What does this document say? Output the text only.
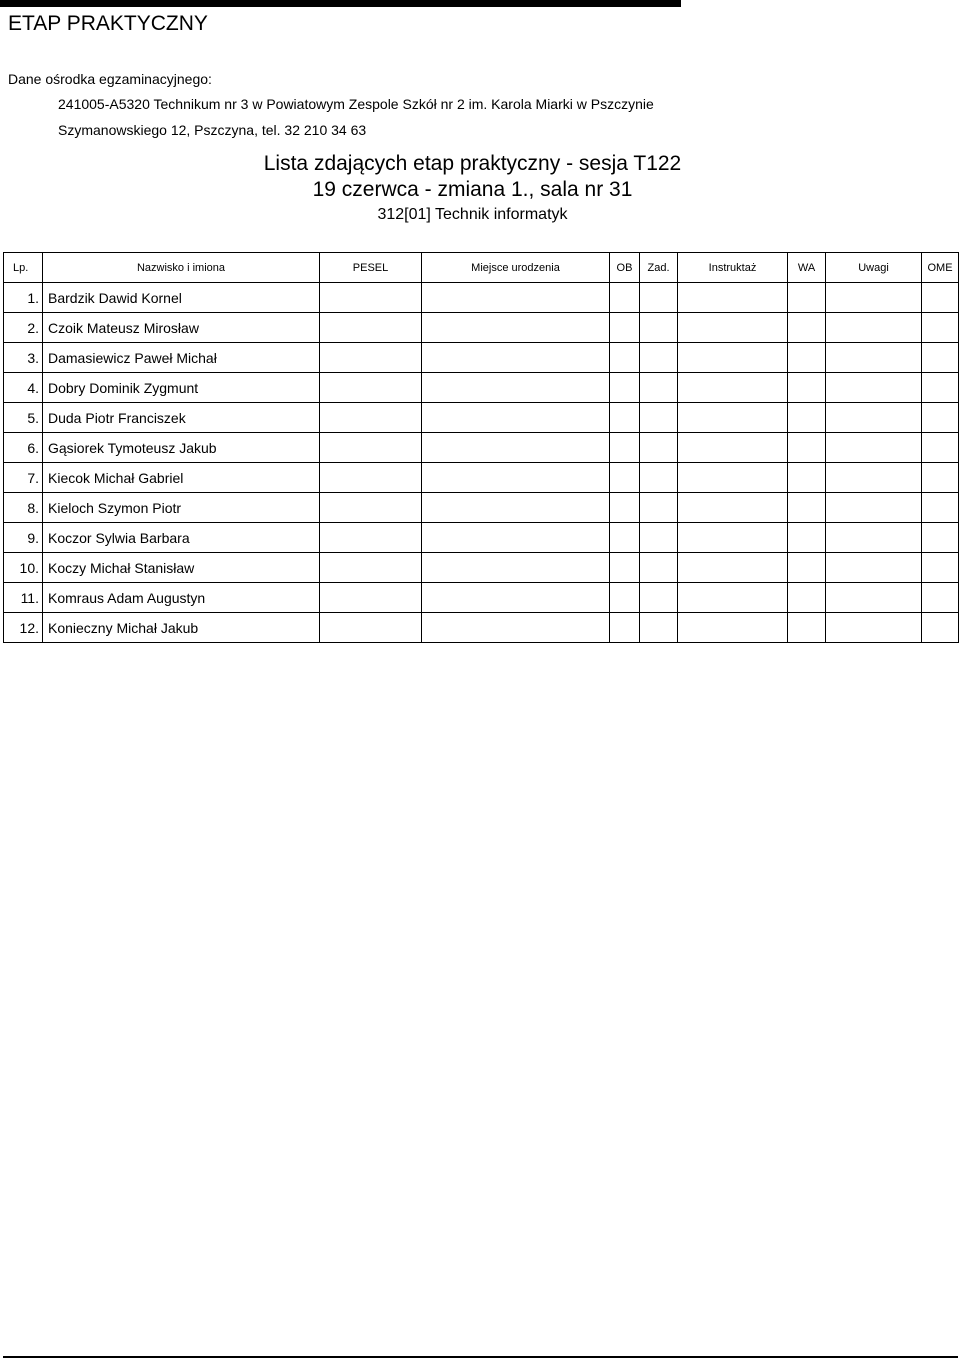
ETAP PRAKTYCZNY
Dane ośrodka egzaminacyjnego:
241005-A5320 Technikum nr 3 w Powiatowym Zespole Szkół nr 2 im. Karola Miarki w Pszczynie
Szymanowskiego 12, Pszczyna, tel. 32 210 34 63
Lista zdających etap praktyczny - sesja T122
19 czerwca - zmiana 1., sala nr 31
312[01] Technik informatyk
Lp.	Nazwisko i imiona	PESEL	Miejsce urodzenia	OB	Zad.	Instruktaż	WA	Uwagi	OME
1.	Bardzik Dawid Kornel								
2.	Czoik Mateusz Mirosław								
3.	Damasiewicz Paweł Michał								
4.	Dobry Dominik Zygmunt								
5.	Duda Piotr Franciszek								
6.	Gąsiorek Tymoteusz Jakub								
7.	Kiecok Michał Gabriel								
8.	Kieloch Szymon Piotr								
9.	Koczor Sylwia Barbara								
10.	Koczy Michał Stanisław								
11.	Komraus Adam Augustyn								
12.	Konieczny Michał Jakub								
